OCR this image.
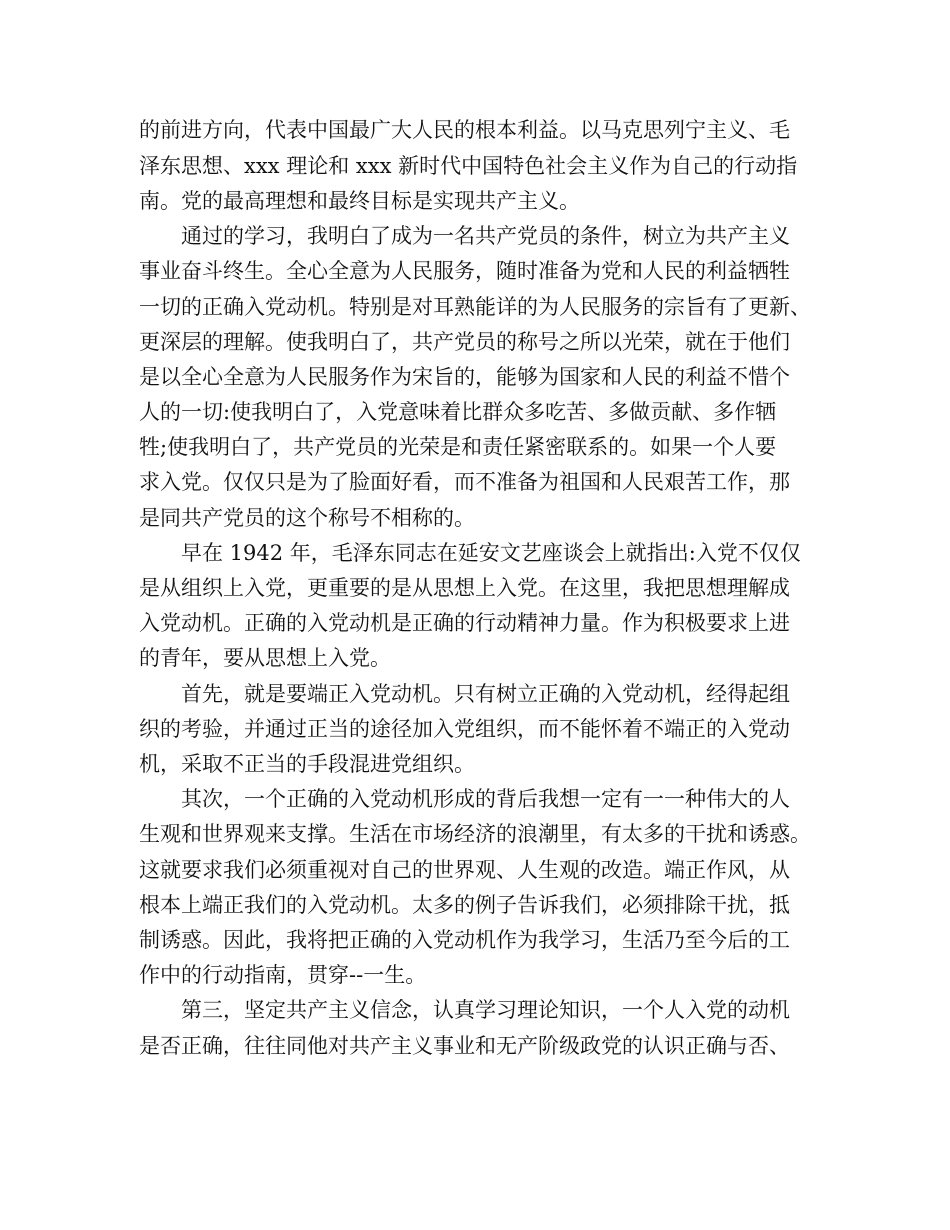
的前进方向，代表中国最广大人民的根本利益。以马克思列宁主义、毛
泽东思想、xxx 理论和 xxx 新时代中国特色社会主义作为自己的行动指
南。党的最高理想和最终目标是实现共产主义。
通过的学习，我明白了成为一名共产党员的条件，树立为共产主义
事业奋斗终生。全心全意为人民服务，随时准备为党和人民的利益牺牲
一切的正确入党动机。特别是对耳熟能详的为人民服务的宗旨有了更新、
更深层的理解。使我明白了，共产党员的称号之所以光荣，就在于他们
是以全心全意为人民服务作为宋旨的，能够为国家和人民的利益不惜个
人的一切:使我明白了，入党意味着比群众多吃苦、多做贡献、多作牺
牲;使我明白了，共产党员的光荣是和责任紧密联系的。如果一个人要
求入党。仅仅只是为了脸面好看，而不准备为祖国和人民艰苦工作，那
是同共产党员的这个称号不相称的。
早在 1942 年，毛泽东同志在延安文艺座谈会上就指出:入党不仅仅
是从组织上入党，更重要的是从思想上入党。在这里，我把思想理解成
入党动机。正确的入党动机是正确的行动精神力量。作为积极要求上进
的青年，要从思想上入党。
首先，就是要端正入党动机。只有树立正确的入党动机，经得起组
织的考验，并通过正当的途径加入党组织，而不能怀着不端正的入党动
机，采取不正当的手段混进党组织。
其次，一个正确的入党动机形成的背后我想一定有一一种伟大的人
生观和世界观来支撑。生活在市场经济的浪潮里，有太多的干扰和诱惑。
这就要求我们必须重视对自己的世界观、人生观的改造。端正作风，从
根本上端正我们的入党动机。太多的例子告诉我们，必须排除干扰，抵
制诱惑。因此，我将把正确的入党动机作为我学习，生活乃至今后的工
作中的行动指南，贯穿--一生。
第三，坚定共产主义信念，认真学习理论知识，一个人入党的动机
是否正确，往往同他对共产主义事业和无产阶级政党的认识正确与否、
